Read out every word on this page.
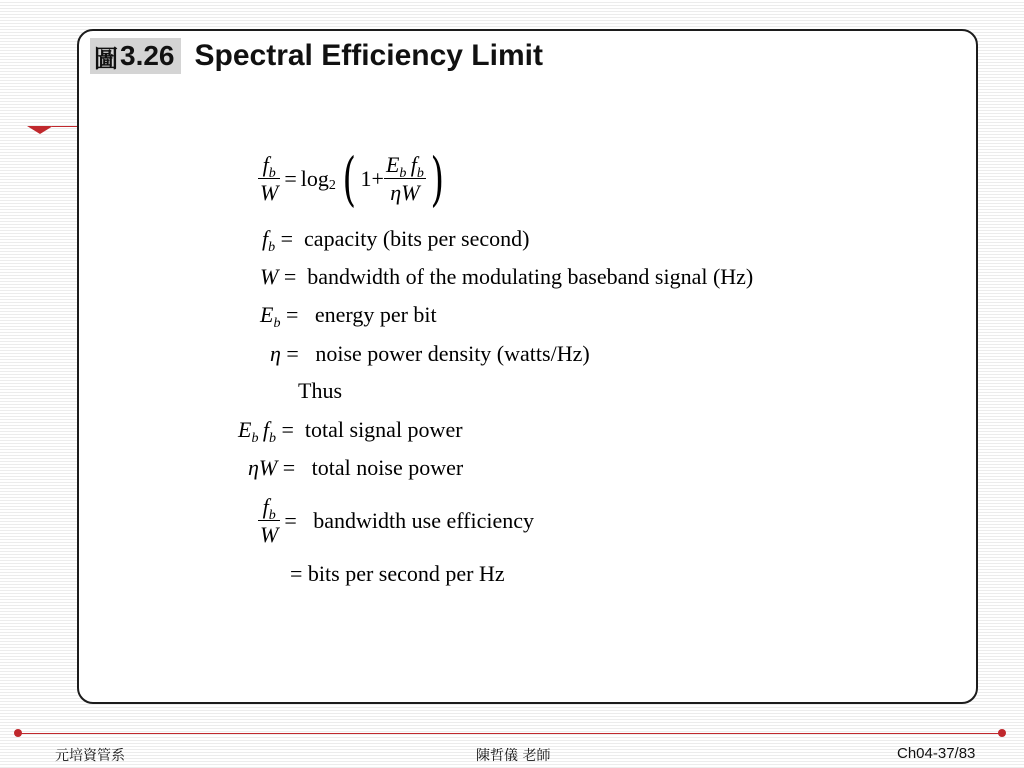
圖 3.26 Spectral Efficiency Limit
$\frac{f_b}{W} = \log 2$ ( $1+ \frac{E_b f_b}{\eta W}$ )
$f_b$ =  capacity (bits per second)
W =  bandwidth of the modulating baseband signal (Hz)
$E_b$ =   energy per bit
η =   noise power density (watts/Hz)
Thus
$E_b$  $f_b$ =  total signal power
ηW =   total noise power
$\frac{f_b}{W}$ = bandwidth use efficiency
= bits per second per Hz
元培資管系	陳哲儀 老師	Ch04-37/83
